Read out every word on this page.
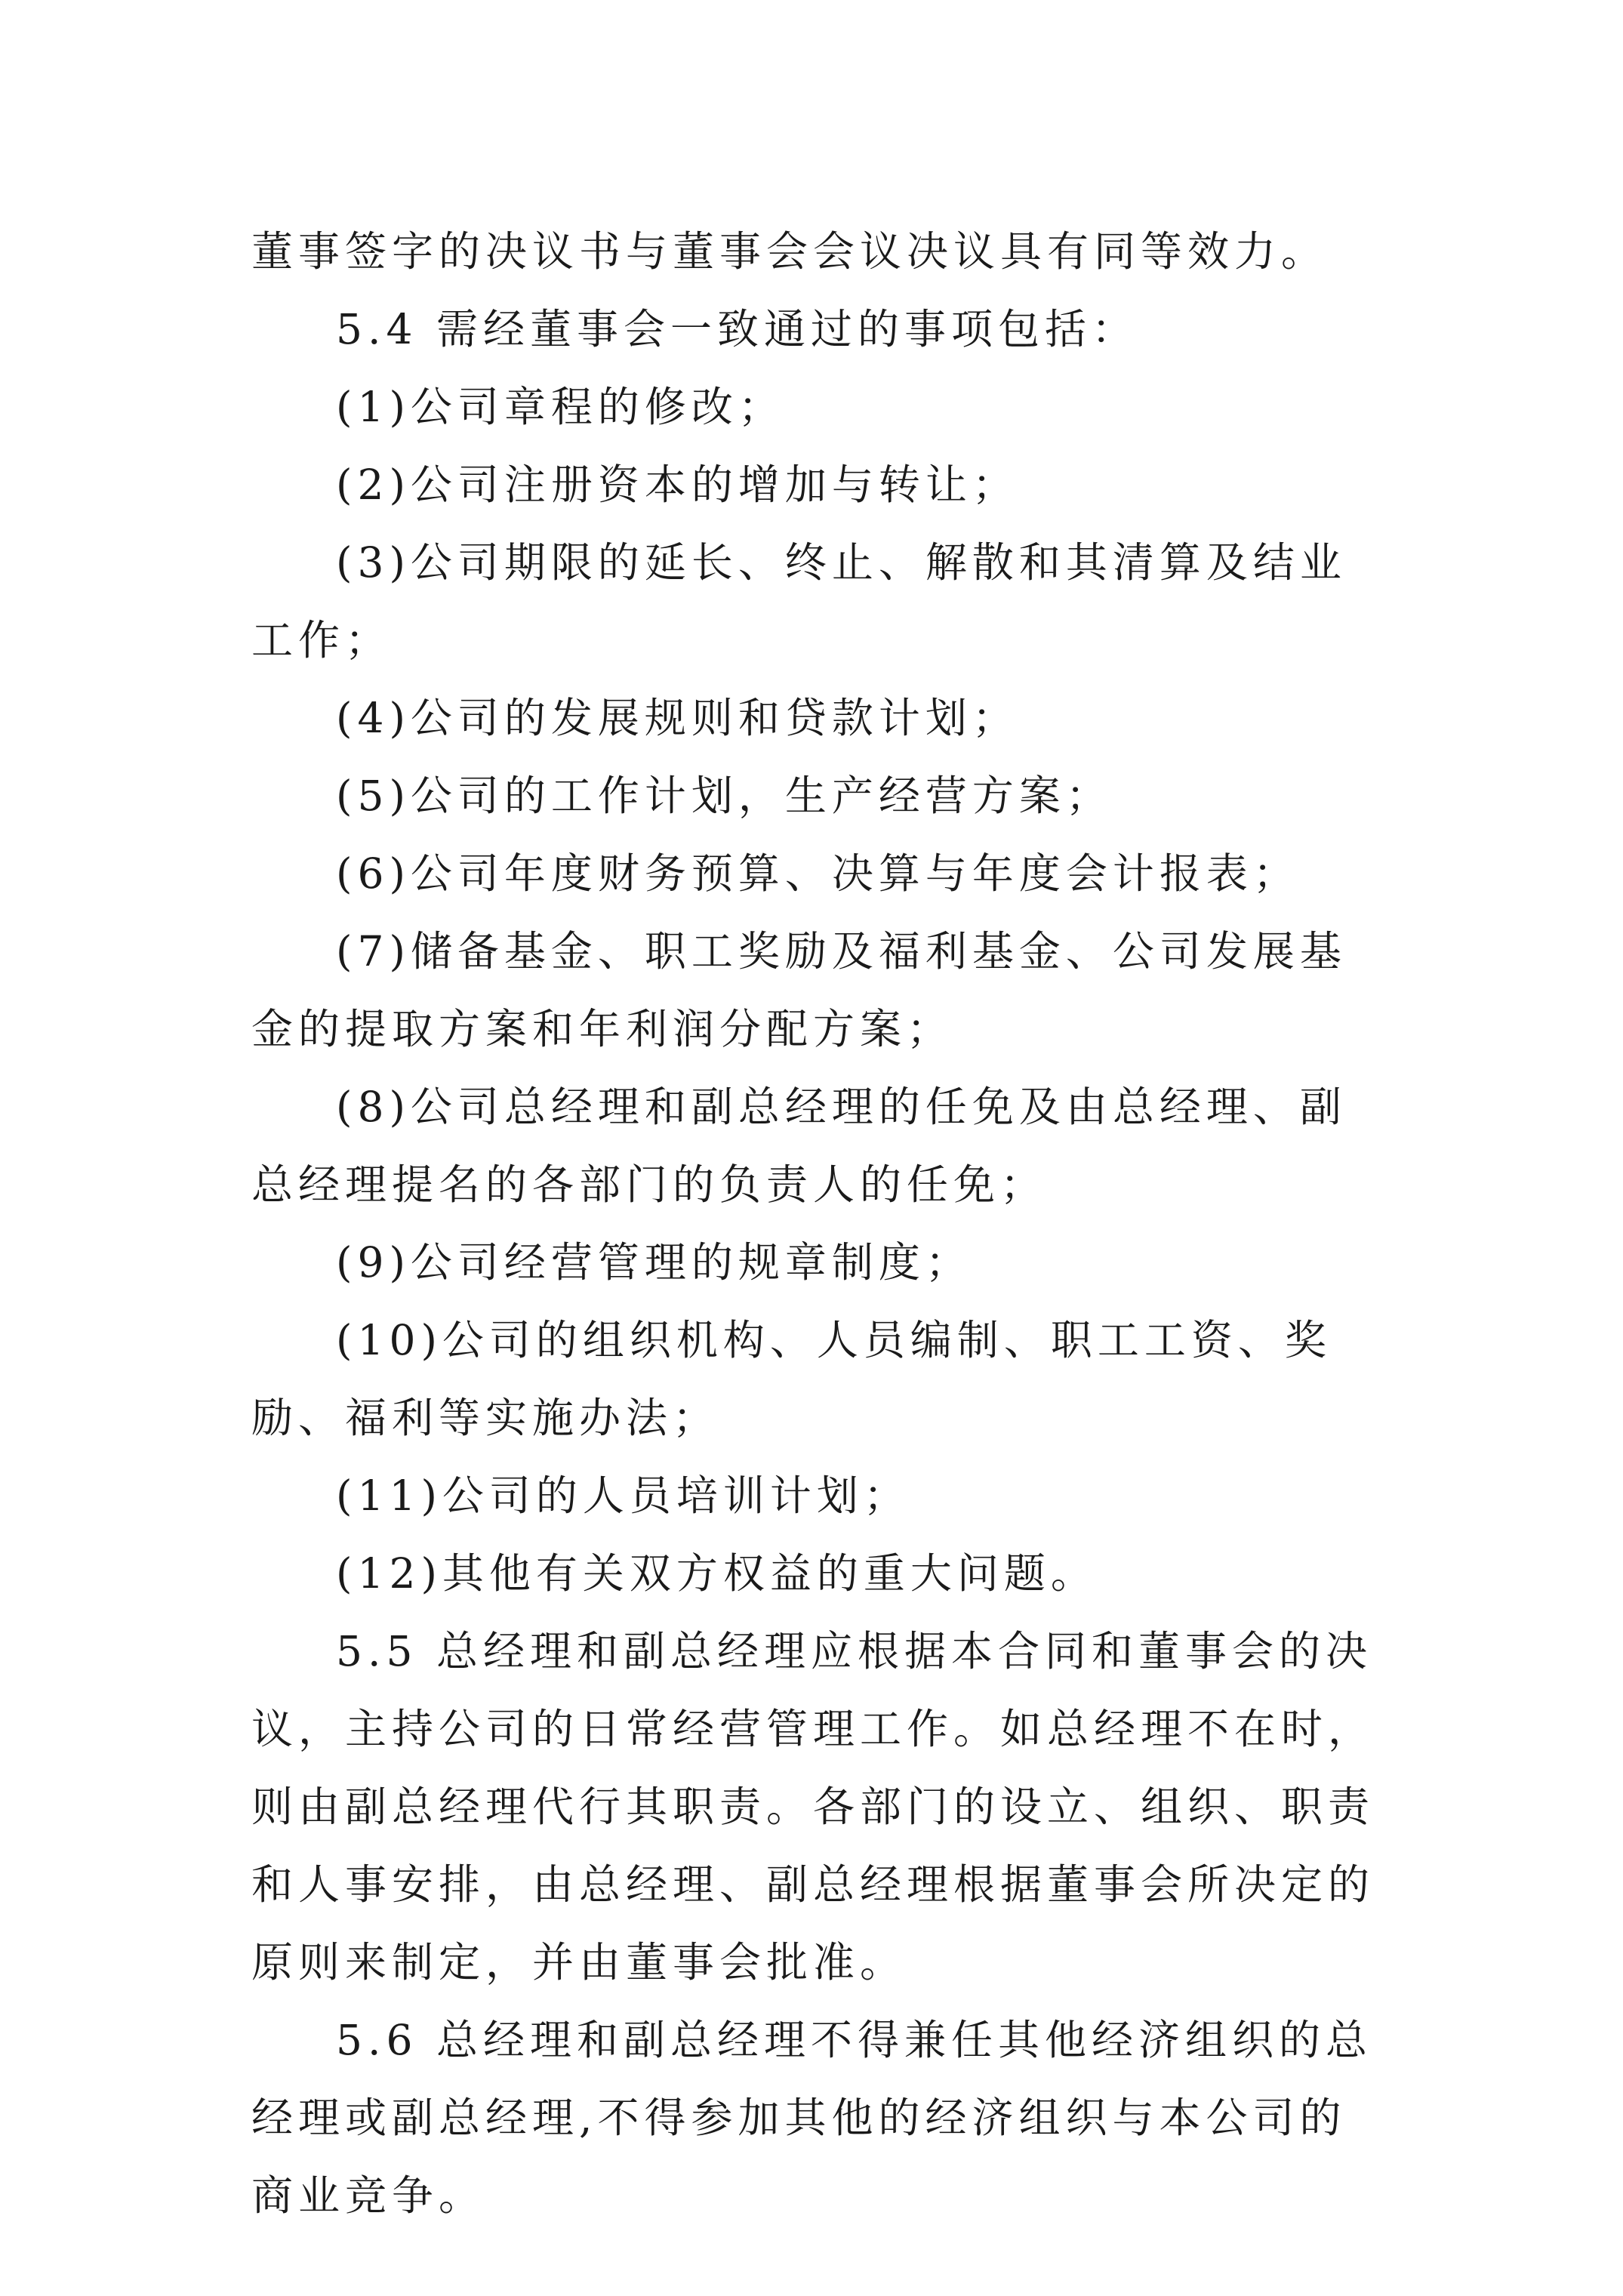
董事签字的决议书与董事会会议决议具有同等效力。

5.4 需经董事会一致通过的事项包括：

(1)公司章程的修改；

(2)公司注册资本的增加与转让；

(3)公司期限的延长、终止、解散和其清算及结业工作；

(4)公司的发展规则和贷款计划；

(5)公司的工作计划，生产经营方案；

(6)公司年度财务预算、决算与年度会计报表；

(7)储备基金、职工奖励及福利基金、公司发展基金的提取方案和年利润分配方案；

(8)公司总经理和副总经理的任免及由总经理、副总经理提名的各部门的负责人的任免；

(9)公司经营管理的规章制度；

(10)公司的组织机构、人员编制、职工工资、奖励、福利等实施办法；

(11)公司的人员培训计划；

(12)其他有关双方权益的重大问题。

5.5 总经理和副总经理应根据本合同和董事会的决议，主持公司的日常经营管理工作。如总经理不在时，则由副总经理代行其职责。各部门的设立、组织、职责和人事安排，由总经理、副总经理根据董事会所决定的原则来制定，并由董事会批准。

5.6 总经理和副总经理不得兼任其他经济组织的总经理或副总经理,不得参加其他的经济组织与本公司的商业竞争。
